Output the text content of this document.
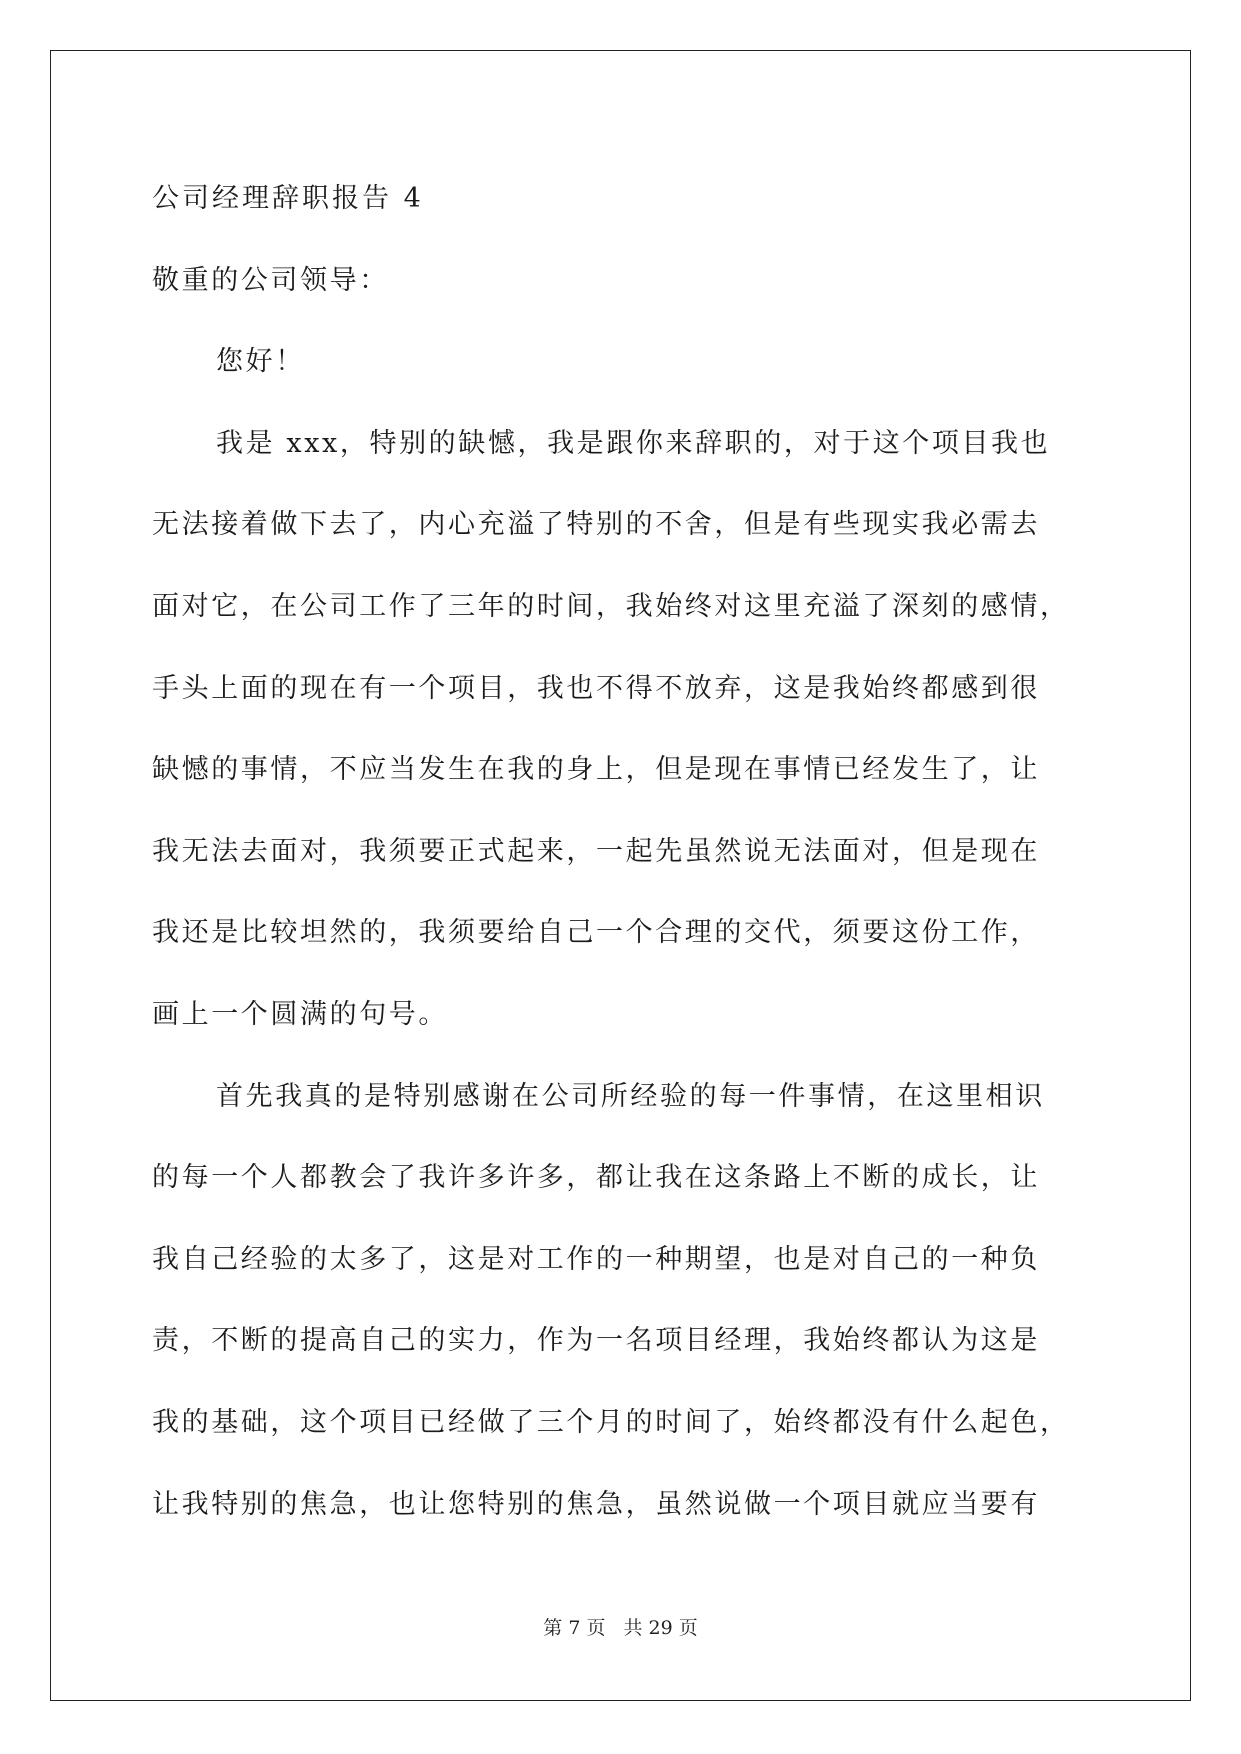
公司经理辞职报告 4
敬重的公司领导：
您好！
我是 xxx，特别的缺憾，我是跟你来辞职的，对于这个项目我也
无法接着做下去了，内心充溢了特别的不舍，但是有些现实我必需去
面对它，在公司工作了三年的时间，我始终对这里充溢了深刻的感情，
手头上面的现在有一个项目，我也不得不放弃，这是我始终都感到很
缺憾的事情，不应当发生在我的身上，但是现在事情已经发生了，让
我无法去面对，我须要正式起来，一起先虽然说无法面对，但是现在
我还是比较坦然的，我须要给自己一个合理的交代，须要这份工作，
画上一个圆满的句号。
首先我真的是特别感谢在公司所经验的每一件事情，在这里相识
的每一个人都教会了我许多许多，都让我在这条路上不断的成长，让
我自己经验的太多了，这是对工作的一种期望，也是对自己的一种负
责，不断的提高自己的实力，作为一名项目经理，我始终都认为这是
我的基础，这个项目已经做了三个月的时间了，始终都没有什么起色，
让我特别的焦急，也让您特别的焦急，虽然说做一个项目就应当要有
第 7 页 共 29 页
